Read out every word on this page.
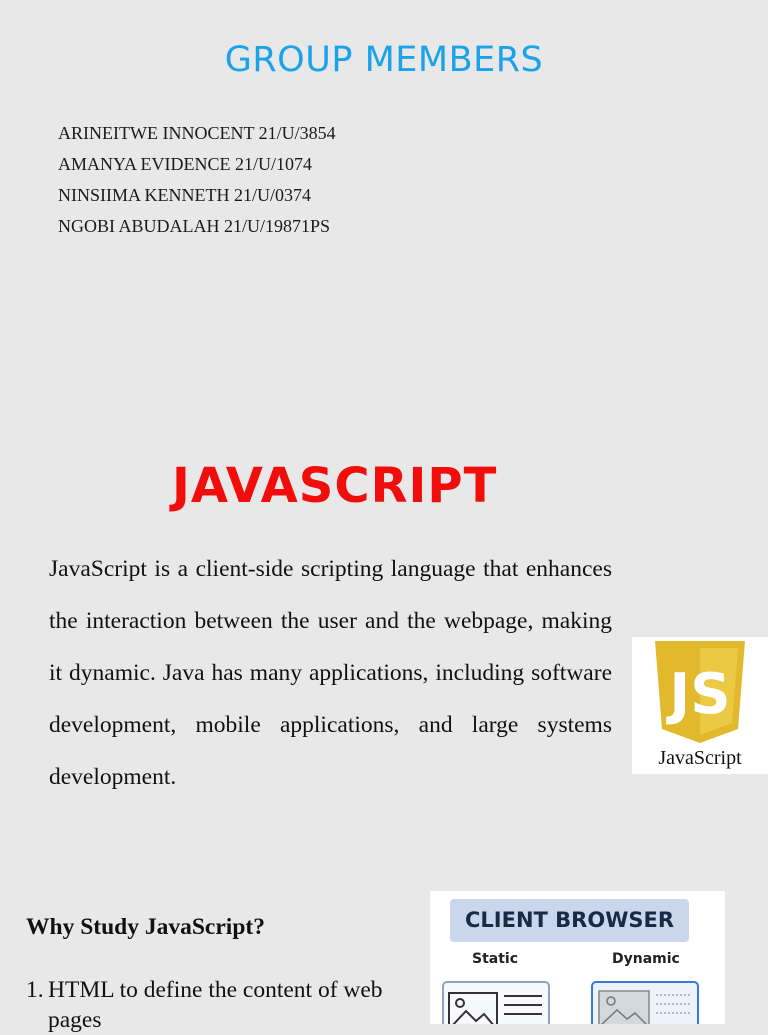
GROUP MEMBERS
ARINEITWE INNOCENT 21/U/3854
AMANYA EVIDENCE 21/U/1074
NINSIIMA KENNETH 21/U/0374
NGOBI ABUDALAH 21/U/19871PS
JAVASCRIPT

JavaScript is a client-side scripting language that enhances the interaction between the user and the webpage, making it dynamic. Java has many applications, including software development, mobile applications, and large systems development.

JS
JavaScript
Why Study JavaScript?
1. HTML to define the content of web pages
CLIENT BROWSER
Static	Dynamic
